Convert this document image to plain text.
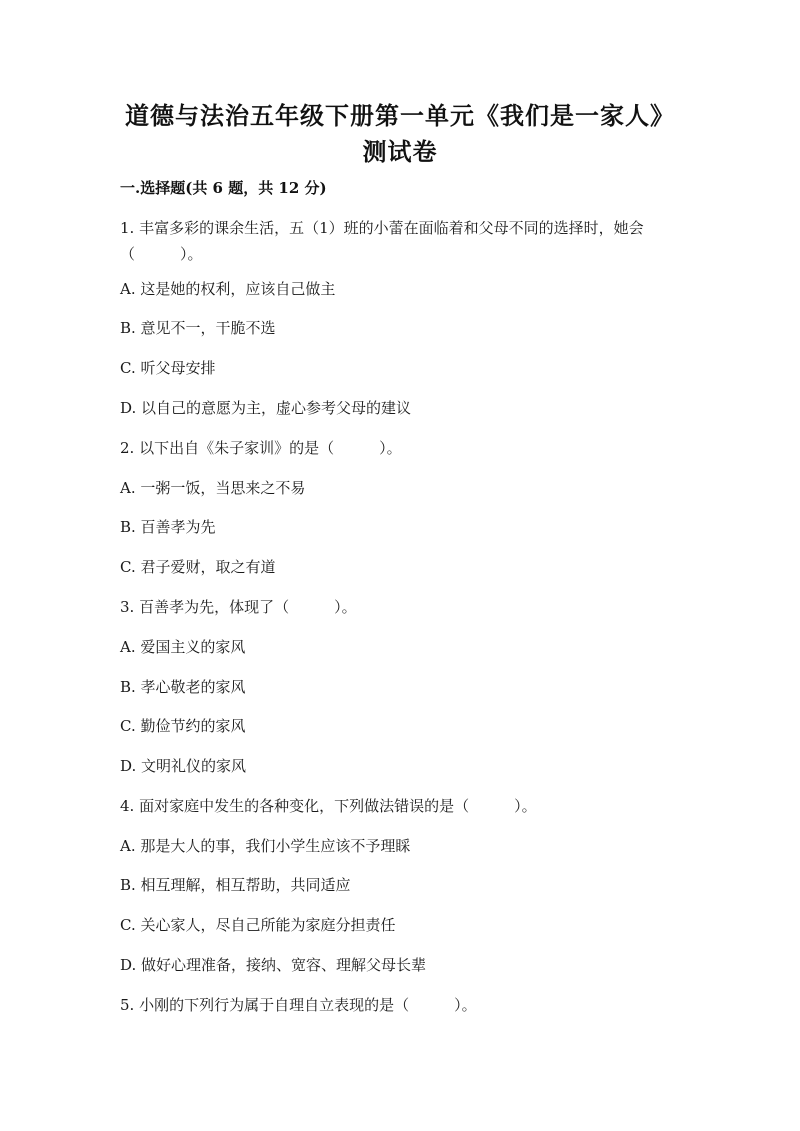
道德与法治五年级下册第一单元《我们是一家人》
测试卷
一.选择题(共 6 题，共 12 分)
1. 丰富多彩的课余生活，五（1）班的小蕾在面临着和父母不同的选择时，她会
（　　　）。
A. 这是她的权利，应该自己做主
B. 意见不一，干脆不选
C. 听父母安排
D. 以自己的意愿为主，虚心参考父母的建议
2. 以下出自《朱子家训》的是（　　　）。
A. 一粥一饭，当思来之不易
B. 百善孝为先
C. 君子爱财，取之有道
3. 百善孝为先，体现了（　　　）。
A. 爱国主义的家风
B. 孝心敬老的家风
C. 勤俭节约的家风
D. 文明礼仪的家风
4. 面对家庭中发生的各种变化，下列做法错误的是（　　　）。
A. 那是大人的事，我们小学生应该不予理睬
B. 相互理解，相互帮助，共同适应
C. 关心家人，尽自己所能为家庭分担责任
D. 做好心理准备，接纳、宽容、理解父母长辈
5. 小刚的下列行为属于自理自立表现的是（　　　）。
